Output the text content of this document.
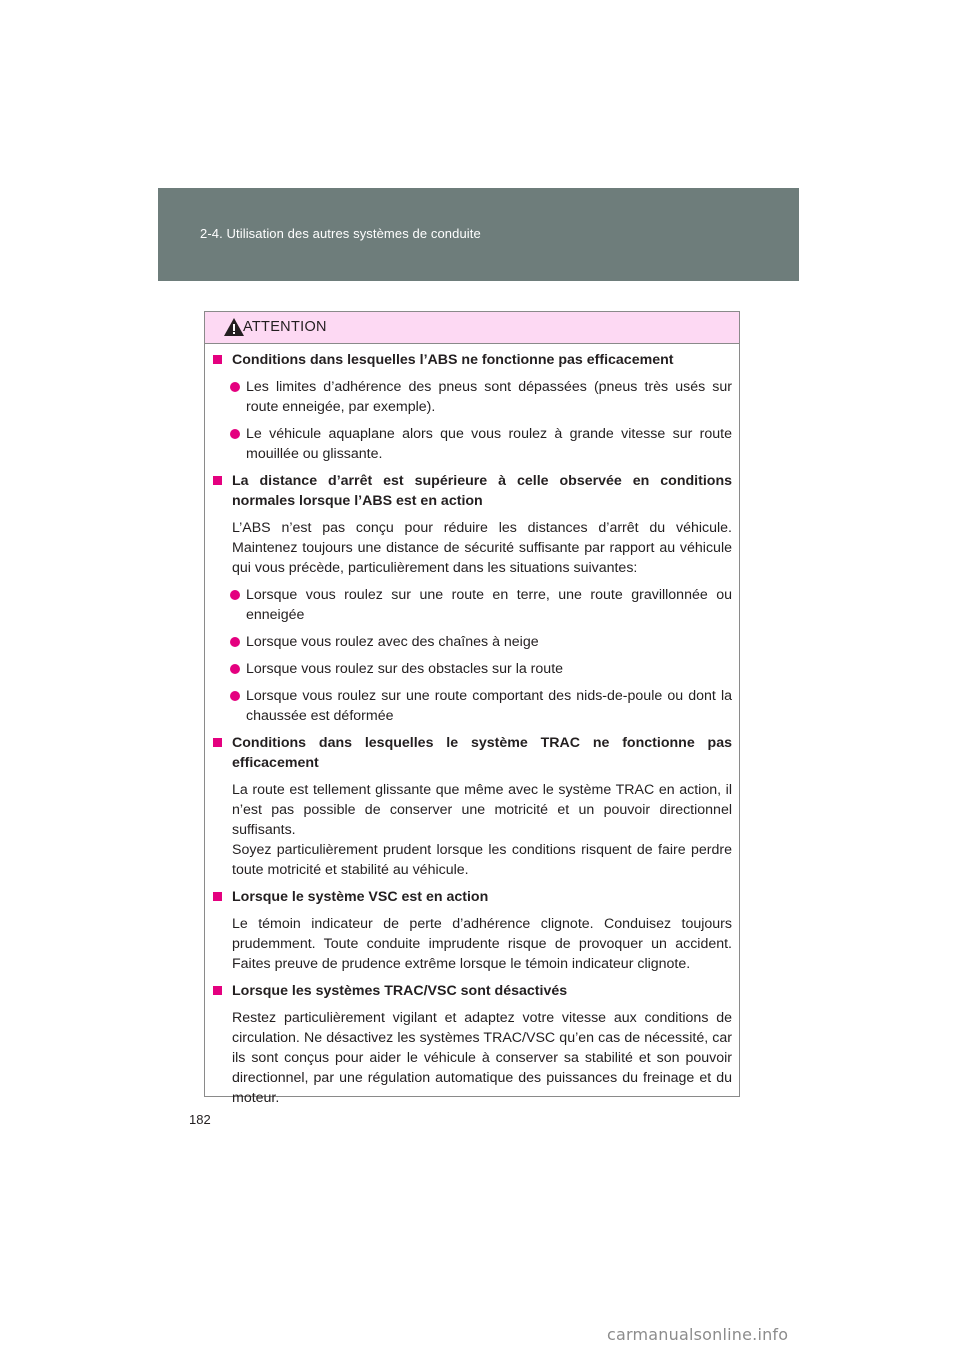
2-4. Utilisation des autres systèmes de conduite
ATTENTION
Conditions dans lesquelles l’ABS ne fonctionne pas efficacement
Les limites d’adhérence des pneus sont dépassées (pneus très usés sur route enneigée, par exemple).
Le véhicule aquaplane alors que vous roulez à grande vitesse sur route mouillée ou glissante.
La distance d’arrêt est supérieure à celle observée en conditions normales lorsque l’ABS est en action
L’ABS n’est pas conçu pour réduire les distances d’arrêt du véhicule. Maintenez toujours une distance de sécurité suffisante par rapport au véhicule qui vous précède, particulièrement dans les situations suivantes:
Lorsque vous roulez sur une route en terre, une route gravillonnée ou enneigée
Lorsque vous roulez avec des chaînes à neige
Lorsque vous roulez sur des obstacles sur la route
Lorsque vous roulez sur une route comportant des nids-de-poule ou dont la chaussée est déformée
Conditions dans lesquelles le système TRAC ne fonctionne pas efficacement
La route est tellement glissante que même avec le système TRAC en action, il n’est pas possible de conserver une motricité et un pouvoir directionnel suffisants.
Soyez particulièrement prudent lorsque les conditions risquent de faire perdre toute motricité et stabilité au véhicule.
Lorsque le système VSC est en action
Le témoin indicateur de perte d’adhérence clignote. Conduisez toujours prudemment. Toute conduite imprudente risque de provoquer un accident. Faites preuve de prudence extrême lorsque le témoin indicateur clignote.
Lorsque les systèmes TRAC/VSC sont désactivés
Restez particulièrement vigilant et adaptez votre vitesse aux conditions de circulation. Ne désactivez les systèmes TRAC/VSC qu’en cas de nécessité, car ils sont conçus pour aider le véhicule à conserver sa stabilité et son pouvoir directionnel, par une régulation automatique des puissances du freinage et du moteur.
182
carmanualsonline.info
